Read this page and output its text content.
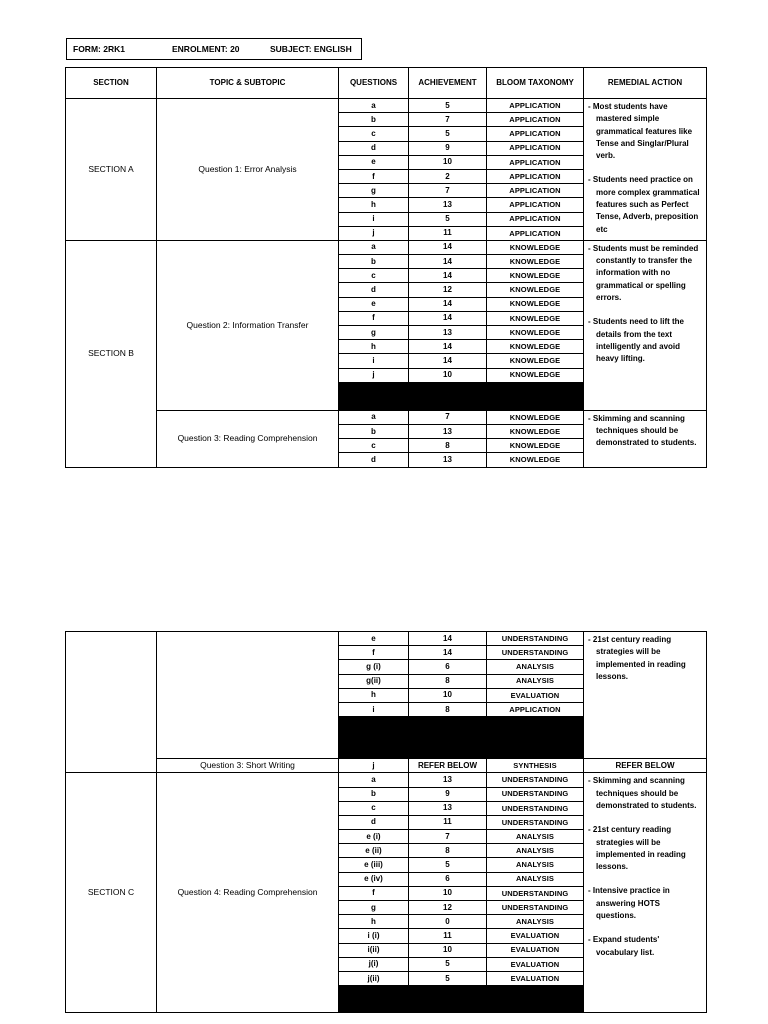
FORM: 2RK1	ENROLMENT: 20	SUBJECT: ENGLISH
SECTION	TOPIC & SUBTOPIC	QUESTIONS	ACHIEVEMENT	BLOOM TAXONOMY	REMEDIAL ACTION
SECTION A	Question 1: Error Analysis	a	5	APPLICATION	- Most students have mastered simple grammatical features like Tense and Singlar/Plural verb.
- Students need practice on more complex grammatical features such as Perfect Tense, Adverb, preposition etc

		b	7	APPLICATION	
		c	5	APPLICATION	
		d	9	APPLICATION	
		e	10	APPLICATION	
		f	2	APPLICATION	
		g	7	APPLICATION	
		h	13	APPLICATION	
		i	5	APPLICATION	
		j	11	APPLICATION	
SECTION B	Question 2: Information Transfer	a	14	KNOWLEDGE	- Students must be reminded constantly to transfer the information with no grammatical or spelling errors.
- Students need to lift the details from the text intelligently and avoid heavy lifting.

		b	14	KNOWLEDGE	
		c	14	KNOWLEDGE	
		d	12	KNOWLEDGE	
		e	14	KNOWLEDGE	
		f	14	KNOWLEDGE	
		g	13	KNOWLEDGE	
		h	14	KNOWLEDGE	
		i	14	KNOWLEDGE	
		j	10	KNOWLEDGE	

	Question 3: Reading Comprehension	a	7	KNOWLEDGE	- Skimming and scanning techniques should be demonstrated to students.

		b	13	KNOWLEDGE	
		c	8	KNOWLEDGE	
		d	13	KNOWLEDGE	
		e	14	UNDERSTANDING	- 21st century reading strategies will be implemented in reading lessons.

		f	14	UNDERSTANDING	
		g (i)	6	ANALYSIS	
		g(ii)	8	ANALYSIS	
		h	10	EVALUATION	
		i	8	APPLICATION	

	Question 3: Short Writing	j	REFER BELOW	SYNTHESIS	REFER BELOW
SECTION C	Question 4: Reading Comprehension	a	13	UNDERSTANDING	- Skimming and scanning techniques should be demonstrated to students.
- 21st century reading strategies will be implemented in reading lessons.
- Intensive practice in answering HOTS questions.
- Expand students' vocabulary list.

		b	9	UNDERSTANDING	
		c	13	UNDERSTANDING	
		d	11	UNDERSTANDING	
		e (i)	7	ANALYSIS	
		e (ii)	8	ANALYSIS	
		e (iii)	5	ANALYSIS	
		e (iv)	6	ANALYSIS	
		f	10	UNDERSTANDING	
		g	12	UNDERSTANDING	
		h	0	ANALYSIS	
		i (i)	11	EVALUATION	
		i(ii)	10	EVALUATION	
		j(i)	5	EVALUATION	
		j(ii)	5	EVALUATION	
